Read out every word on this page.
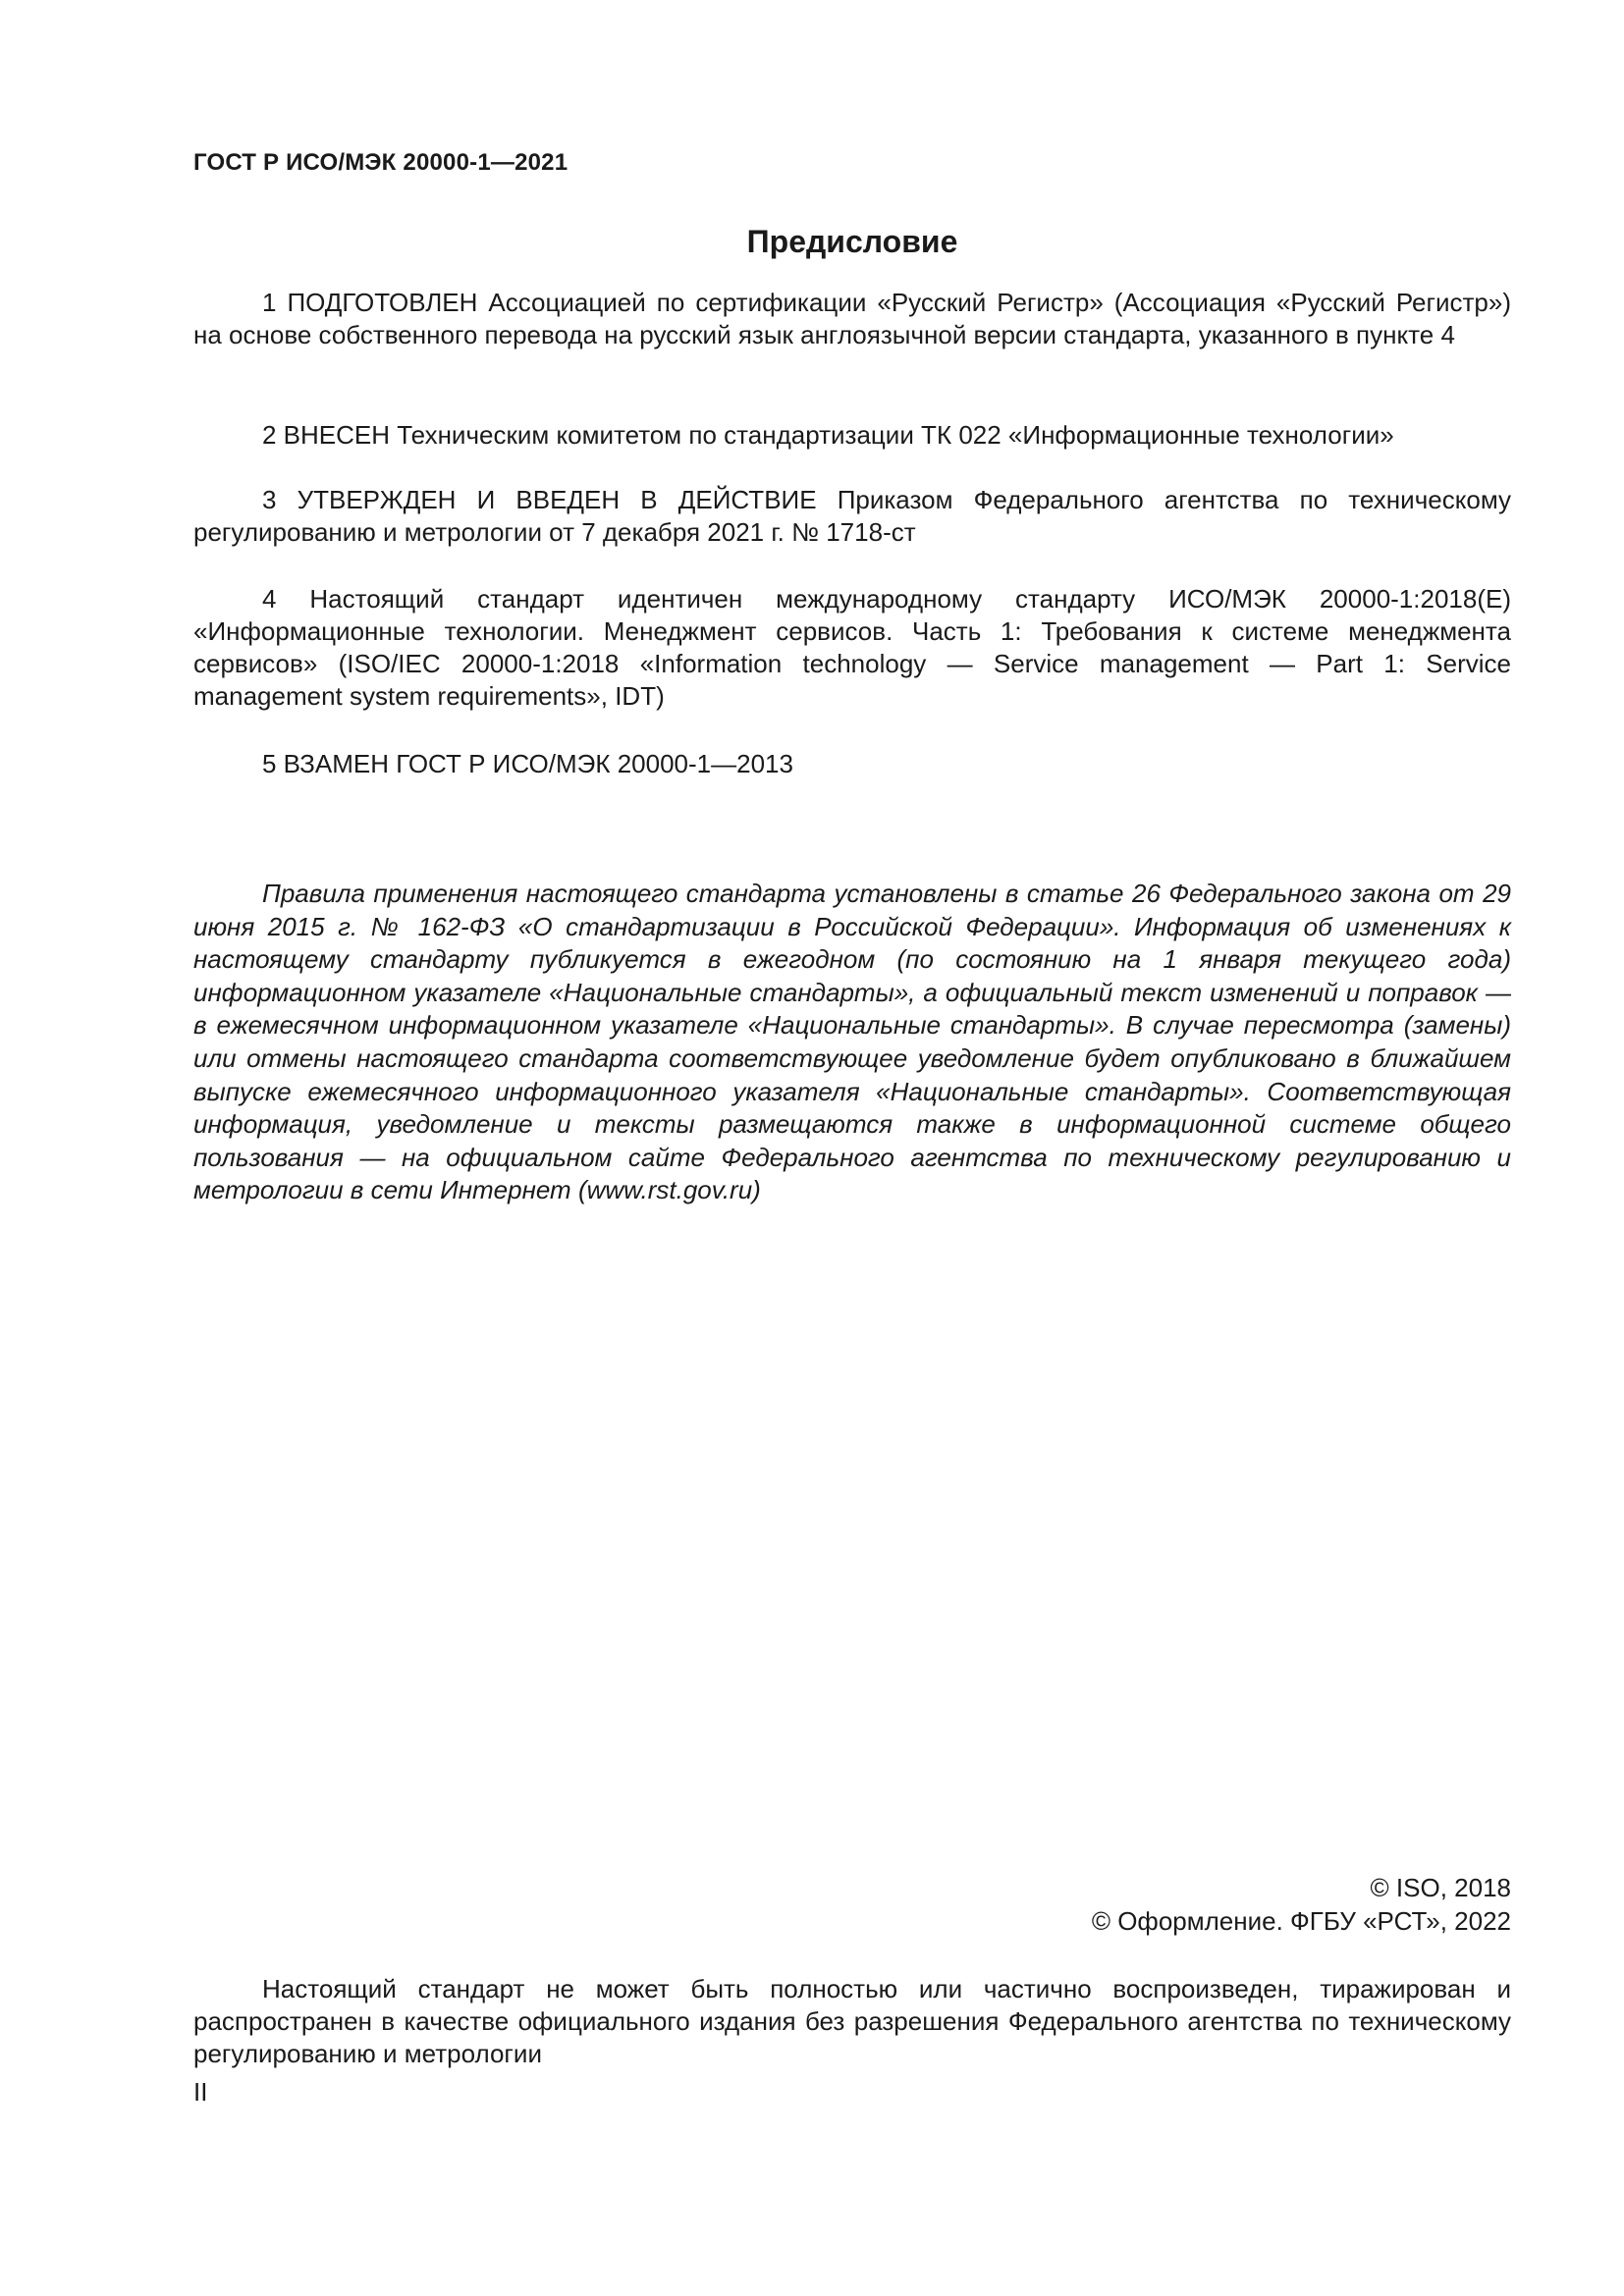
ГОСТ Р ИСО/МЭК 20000-1—2021
Предисловие

1 ПОДГОТОВЛЕН Ассоциацией по сертификации «Русский Регистр» (Ассоциация «Русский Регистр») на основе собственного перевода на русский язык англоязычной версии стандарта, указанного в пункте 4

2 ВНЕСЕН Техническим комитетом по стандартизации ТК 022 «Информационные технологии»

3 УТВЕРЖДЕН И ВВЕДЕН В ДЕЙСТВИЕ Приказом Федерального агентства по техническому регулированию и метрологии от 7 декабря 2021 г. № 1718-ст

4 Настоящий стандарт идентичен международному стандарту ИСО/МЭК 20000-1:2018(Е) «Информационные технологии. Менеджмент сервисов. Часть 1: Требования к системе менеджмента сервисов» (ISO/IEC 20000-1:2018 «Information technology — Service management — Part 1: Service management system requirements», IDT)

5 ВЗАМЕН ГОСТ Р ИСО/МЭК 20000-1—2013

Правила применения настоящего стандарта установлены в статье 26 Федерального закона от 29 июня 2015 г. № 162-ФЗ «О стандартизации в Российской Федерации». Информация об изменениях к настоящему стандарту публикуется в ежегодном (по состоянию на 1 января текущего года) информационном указателе «Национальные стандарты», а официальный текст изменений и поправок — в ежемесячном информационном указателе «Национальные стандарты». В случае пересмотра (замены) или отмены настоящего стандарта соответствующее уведомление будет опубликовано в ближайшем выпуске ежемесячного информационного указателя «Национальные стандарты». Соответствующая информация, уведомление и тексты размещаются также в информационной системе общего пользования — на официальном сайте Федерального агентства по техническому регулированию и метрологии в сети Интернет (www.rst.gov.ru)

© ISO, 2018
© Оформление. ФГБУ «РСТ», 2022

Настоящий стандарт не может быть полностью или частично воспроизведен, тиражирован и распространен в качестве официального издания без разрешения Федерального агентства по техническому регулированию и метрологии

II
